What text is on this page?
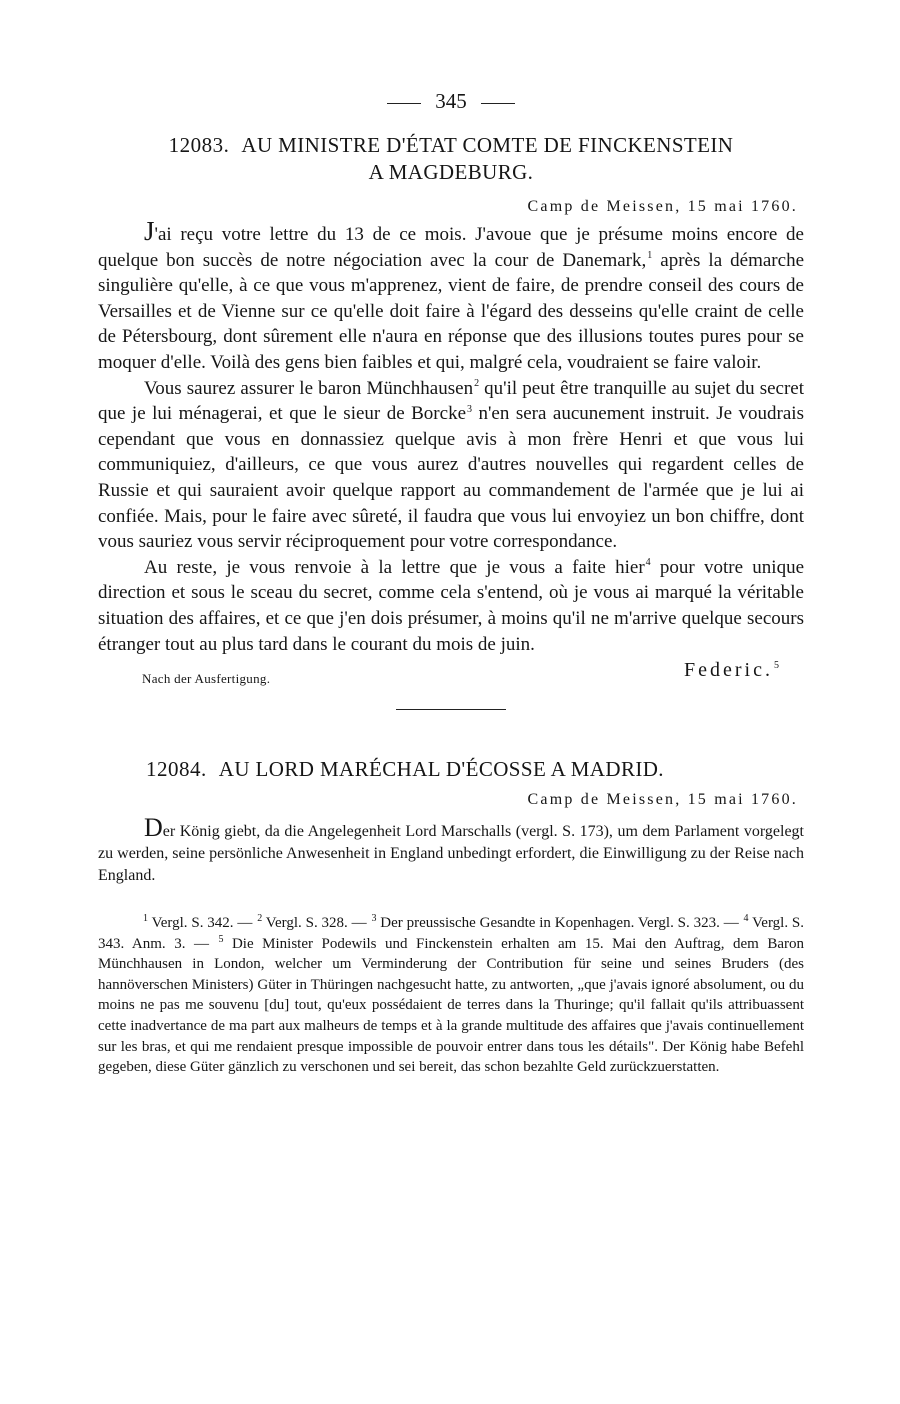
345
12083. AU MINISTRE D'ÉTAT COMTE DE FINCKENSTEIN
A MAGDEBURG.
Camp de Meissen, 15 mai 1760.

J'ai reçu votre lettre du 13 de ce mois. J'avoue que je présume moins encore de quelque bon succès de notre négociation avec la cour de Danemark,$^1$ après la démarche singulière qu'elle, à ce que vous m'apprenez, vient de faire, de prendre conseil des cours de Versailles et de Vienne sur ce qu'elle doit faire à l'égard des desseins qu'elle craint de celle de Pétersbourg, dont sûrement elle n'aura en réponse que des illusions toutes pures pour se moquer d'elle. Voilà des gens bien faibles et qui, malgré cela, voudraient se faire valoir.

Vous saurez assurer le baron Münchhausen$^2$ qu'il peut être tranquille au sujet du secret que je lui ménagerai, et que le sieur de Borcke$^3$ n'en sera aucunement instruit. Je voudrais cependant que vous en donnassiez quelque avis à mon frère Henri et que vous lui communiquiez, d'ailleurs, ce que vous aurez d'autres nouvelles qui regardent celles de Russie et qui sauraient avoir quelque rapport au commandement de l'armée que je lui ai confiée. Mais, pour le faire avec sûreté, il faudra que vous lui envoyiez un bon chiffre, dont vous sauriez vous servir réciproquement pour votre correspondance.

Au reste, je vous renvoie à la lettre que je vous a faite hier$^4$ pour votre unique direction et sous le sceau du secret, comme cela s'entend, où je vous ai marqué la véritable situation des affaires, et ce que j'en dois présumer, à moins qu'il ne m'arrive quelque secours étranger tout au plus tard dans le courant du mois de juin.

Nach der Ausfertigung.	Federic.$^5$
12084. AU LORD MARÉCHAL D'ÉCOSSE A MADRID.
Camp de Meissen, 15 mai 1760.

Der König giebt, da die Angelegenheit Lord Marschalls (vergl. S. 173), um dem Parlament vorgelegt zu werden, seine persönliche Anwesenheit in England unbedingt erfordert, die Einwilligung zu der Reise nach England.

$^1$ Vergl. S. 342. — $^2$ Vergl. S. 328. — $^3$ Der preussische Gesandte in Kopenhagen. Vergl. S. 323. — $^4$ Vergl. S. 343. Anm. 3. — $^5$ Die Minister Podewils und Finckenstein erhalten am 15. Mai den Auftrag, dem Baron Münchhausen in London, welcher um Verminderung der Contribution für seine und seines Bruders (des hannöverschen Ministers) Güter in Thüringen nachgesucht hatte, zu antworten, „que j'avais ignoré absolument, ou du moins ne pas me souvenu [du] tout, qu'eux possédaient de terres dans la Thuringe; qu'il fallait qu'ils attribuassent cette inadvertance de ma part aux malheurs de temps et à la grande multitude des affaires que j'avais continuellement sur les bras, et qui me rendaient presque impossible de pouvoir entrer dans tous les détails". Der König habe Befehl gegeben, diese Güter gänzlich zu verschonen und sei bereit, das schon bezahlte Geld zurückzuerstatten.
